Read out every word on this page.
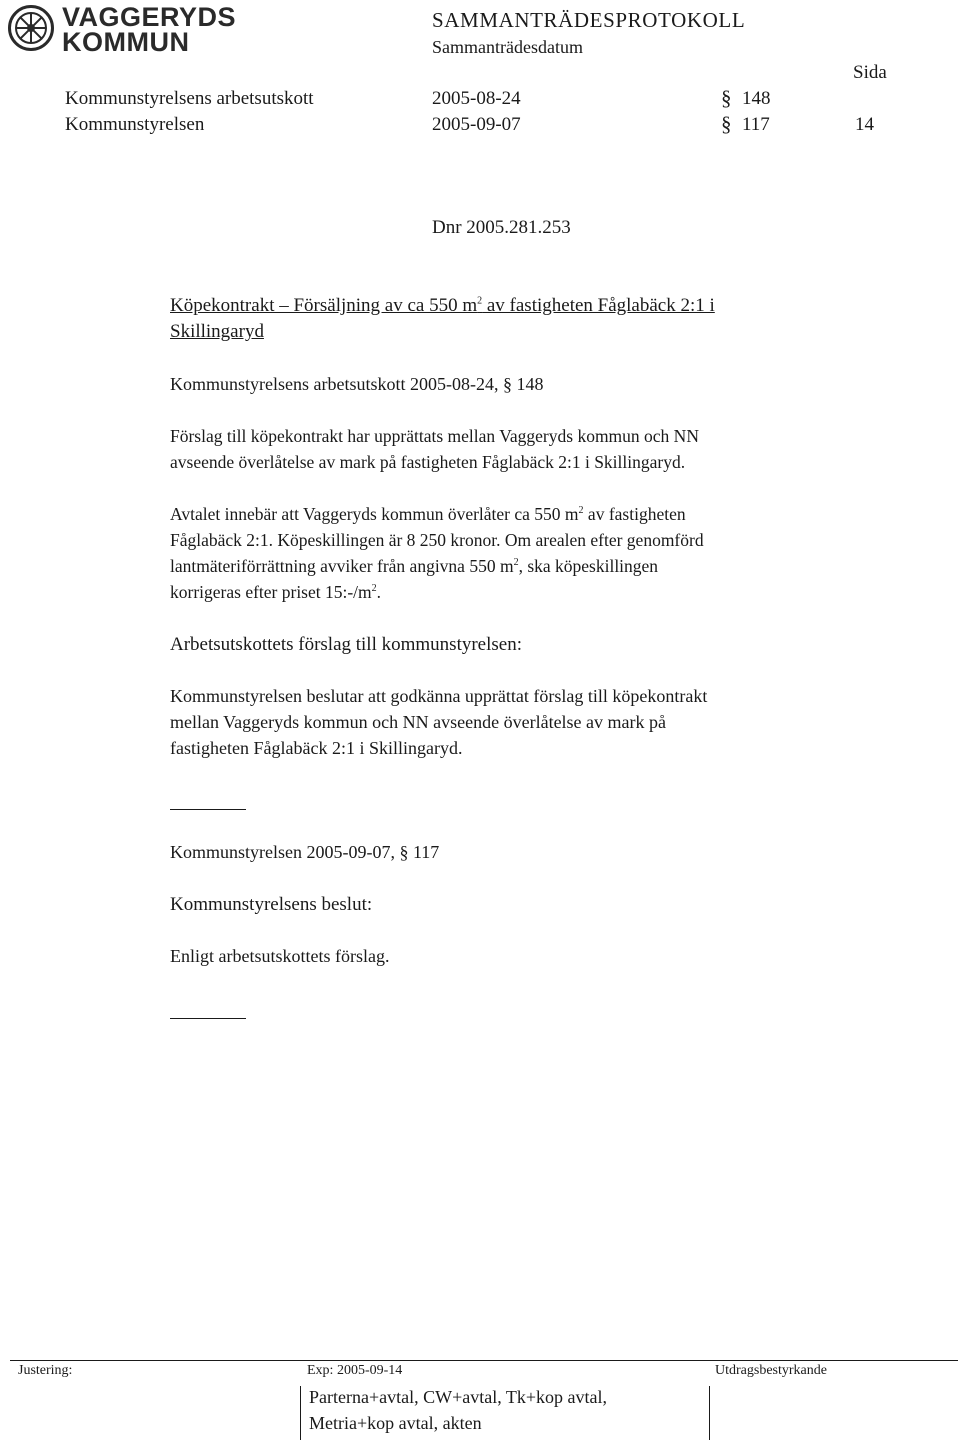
VAGGERYDS
KOMMUN
SAMMANTRÄDESPROTOKOLL
Sammanträdesdatum
Sida
Kommunstyrelsens arbetsutskott	2005-08-24	§ 148
Kommunstyrelsen	2005-09-07	§ 117	14
Dnr 2005.281.253
Köpekontrakt – Försäljning av ca 550 $m^2$ av fastigheten Fåglabäck 2:1 i
Skillingaryd
Kommunstyrelsens arbetsutskott 2005-08-24, § 148
Förslag till köpekontrakt har upprättats mellan Vaggeryds kommun och NN
avseende överlåtelse av mark på fastigheten Fåglabäck 2:1 i Skillingaryd.
Avtalet innebär att Vaggeryds kommun överlåter ca 550 $m^2$ av fastigheten
Fåglabäck 2:1. Köpeskillingen är 8 250 kronor. Om arealen efter genomförd
lantmäteriförrättning avviker från angivna 550 $m^2$, ska köpeskillingen
korrigeras efter priset $15:-/m^2$.
Arbetsutskottets förslag till kommunstyrelsen:
Kommunstyrelsen beslutar att godkänna upprättat förslag till köpekontrakt
mellan Vaggeryds kommun och NN avseende överlåtelse av mark på
fastigheten Fåglabäck 2:1 i Skillingaryd.
Kommunstyrelsen 2005-09-07, § 117
Kommunstyrelsens beslut:
Enligt arbetsutskottets förslag.
Justering:	Exp: 2005-09-14	Utdragsbestyrkande
Parterna+avtal, CW+avtal, Tk+kop avtal,
Metria+kop avtal, akten
